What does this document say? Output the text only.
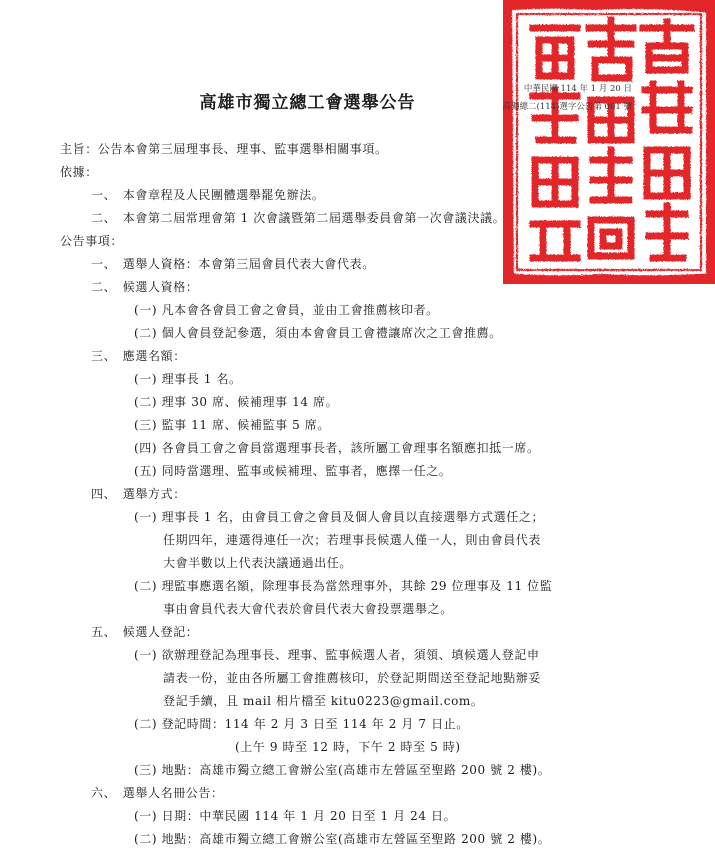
高雄市獨立總工會選舉公告
中華民國 114 年 1 月 20 日
高獨總二(114)選字公告第 001 號
主旨：公告本會第三屆理事長、理事、監事選舉相關事項。
依據：
一、　本會章程及人民團體選舉罷免辦法。
二、　本會第二屆常理會第 1 次會議暨第二屆選舉委員會第一次會議決議。
公告事項：
一、　選舉人資格：本會第三屆會員代表大會代表。
二、　候選人資格：
(一) 凡本會各會員工會之會員，並由工會推薦核印者。
(二) 個人會員登記參選，須由本會會員工會禮讓席次之工會推薦。
三、　應選名額：
(一) 理事長 1 名。
(二) 理事 30 席、候補理事 14 席。
(三) 監事 11 席、候補監事 5 席。
(四) 各會員工會之會員當選理事長者，該所屬工會理事名額應扣抵一席。
(五) 同時當選理、監事或候補理、監事者，應擇一任之。
四、　選舉方式：
(一) 理事長 1 名，由會員工會之會員及個人會員以直接選舉方式選任之；
任期四年，連選得連任一次；若理事長候選人僅一人，則由會員代表
大會半數以上代表決議通過出任。
(二) 理監事應選名額，除理事長為當然理事外，其餘 29 位理事及 11 位監
事由會員代表大會代表於會員代表大會投票選舉之。
五、　候選人登記：
(一) 欲辦理登記為理事長、理事、監事候選人者，須領、填候選人登記申
請表一份，並由各所屬工會推薦核印，於登記期間送至登記地點辦妥
登記手續，且 mail 相片檔至 kitu0223@gmail.com。
(二) 登記時間：114 年 2 月 3 日至 114 年 2 月 7 日止。
(上午 9 時至 12 時，下午 2 時至 5 時)
(三) 地點：高雄市獨立總工會辦公室(高雄市左營區至聖路 200 號 2 樓)。
六、　選舉人名冊公告：
(一) 日期：中華民國 114 年 1 月 20 日至 1 月 24 日。
(二) 地點：高雄市獨立總工會辦公室(高雄市左營區至聖路 200 號 2 樓)。
